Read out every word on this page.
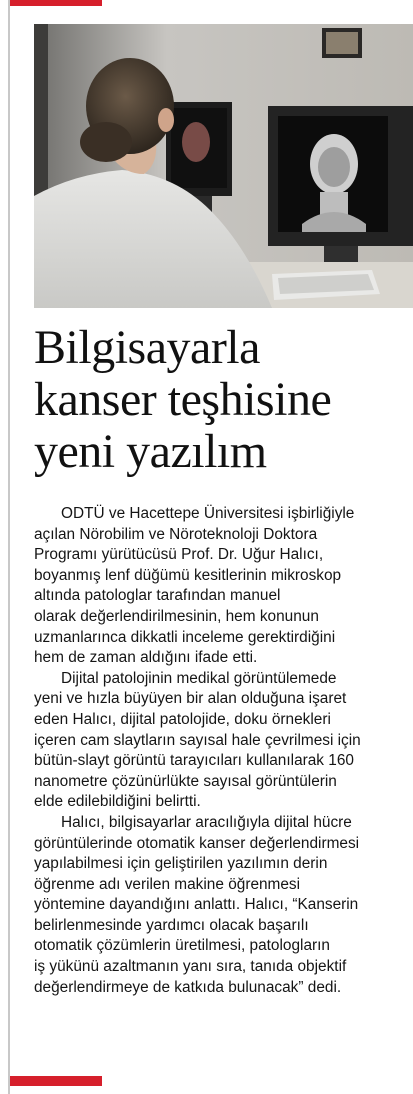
Bilgisayarla
kanser teşhisine
yeni yazılım
ODTÜ ve Hacettepe Üniversitesi işbirliğiyle
açılan Nörobilim ve Nöroteknoloji Doktora
Programı yürütücüsü Prof. Dr. Uğur Halıcı,
boyanmış lenf düğümü kesitlerinin mikroskop
altında patologlar tarafından manuel
olarak değerlendirilmesinin, hem konunun
uzmanlarınca dikkatli inceleme gerektirdiğini
hem de zaman aldığını ifade etti.
Dijital patolojinin medikal görüntülemede
yeni ve hızla büyüyen bir alan olduğuna işaret
eden Halıcı, dijital patolojide, doku örnekleri
içeren cam slaytların sayısal hale çevrilmesi için
bütün-slayt görüntü tarayıcıları kullanılarak 160
nanometre çözünürlükte sayısal görüntülerin
elde edilebildiğini belirtti.
Halıcı, bilgisayarlar aracılığıyla dijital hücre
görüntülerinde otomatik kanser değerlendirmesi
yapılabilmesi için geliştirilen yazılımın derin
öğrenme adı verilen makine öğrenmesi
yöntemine dayandığını anlattı. Halıcı, “Kanserin
belirlenmesinde yardımcı olacak başarılı
otomatik çözümlerin üretilmesi, patologların
iş yükünü azaltmanın yanı sıra, tanıda objektif
değerlendirmeye de katkıda bulunacak” dedi.
